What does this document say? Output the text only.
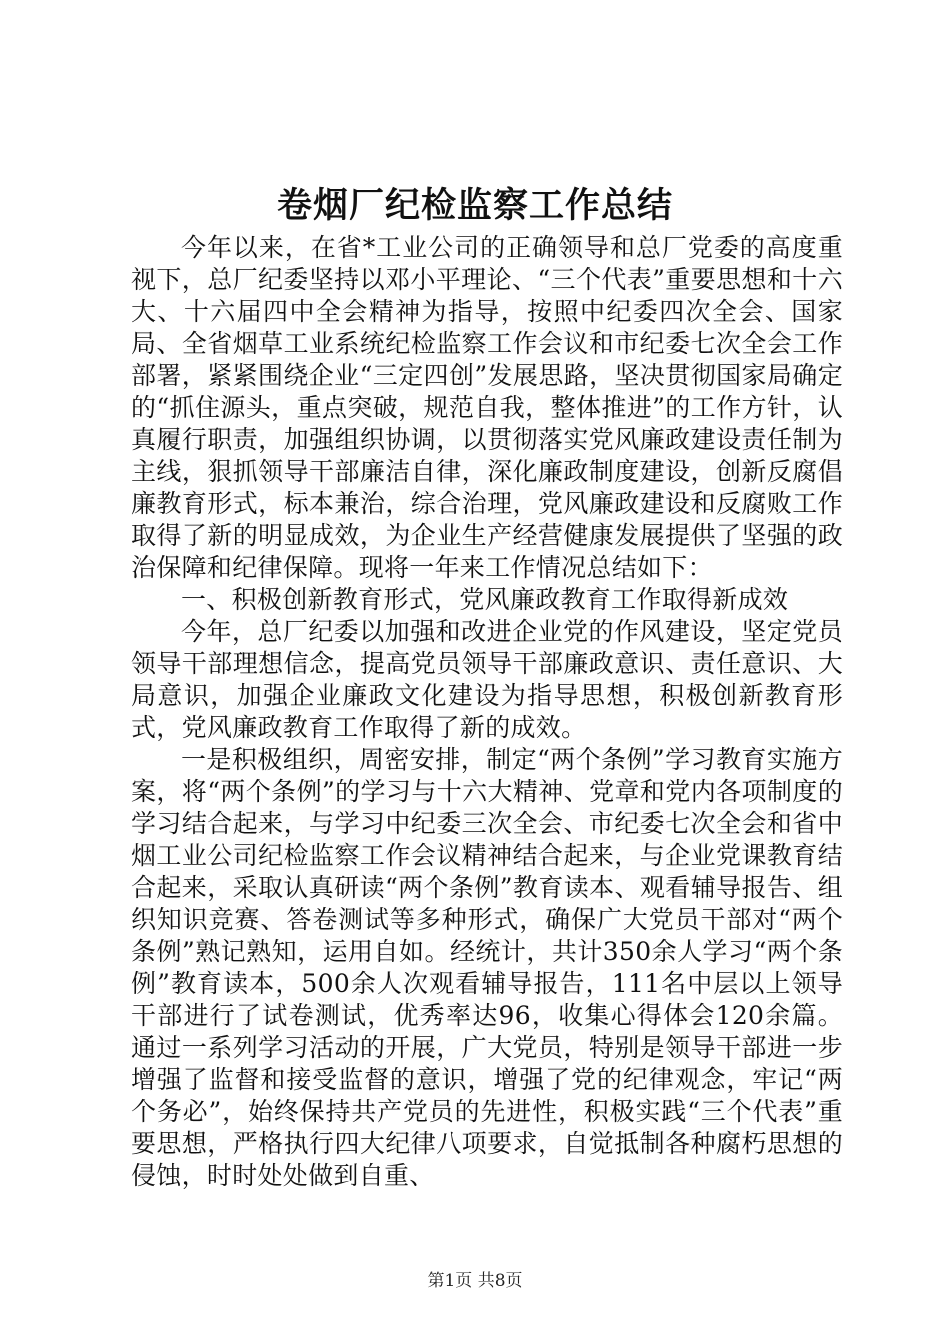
卷烟厂纪检监察工作总结

今年以来，在省*工业公司的正确领导和总厂党委的高度重视下，总厂纪委坚持以邓小平理论、“三个代表”重要思想和十六大、十六届四中全会精神为指导，按照中纪委四次全会、国家局、全省烟草工业系统纪检监察工作会议和市纪委七次全会工作部署，紧紧围绕企业“三定四创”发展思路，坚决贯彻国家局确定的“抓住源头，重点突破，规范自我，整体推进”的工作方针，认真履行职责，加强组织协调，以贯彻落实党风廉政建设责任制为主线，狠抓领导干部廉洁自律，深化廉政制度建设，创新反腐倡廉教育形式，标本兼治，综合治理，党风廉政建设和反腐败工作取得了新的明显成效，为企业生产经营健康发展提供了坚强的政治保障和纪律保障。现将一年来工作情况总结如下：

一、积极创新教育形式，党风廉政教育工作取得新成效

今年，总厂纪委以加强和改进企业党的作风建设，坚定党员领导干部理想信念，提高党员领导干部廉政意识、责任意识、大局意识，加强企业廉政文化建设为指导思想，积极创新教育形式，党风廉政教育工作取得了新的成效。

一是积极组织，周密安排，制定“两个条例”学习教育实施方案，将“两个条例”的学习与十六大精神、党章和党内各项制度的学习结合起来，与学习中纪委三次全会、市纪委七次全会和省中烟工业公司纪检监察工作会议精神结合起来，与企业党课教育结合起来，采取认真研读“两个条例”教育读本、观看辅导报告、组织知识竞赛、答卷测试等多种形式，确保广大党员干部对“两个条例”熟记熟知，运用自如。经统计，共计350余人学习“两个条例”教育读本，500余人次观看辅导报告，111名中层以上领导干部进行了试卷测试，优秀率达96，收集心得体会120余篇。通过一系列学习活动的开展，广大党员，特别是领导干部进一步增强了监督和接受监督的意识，增强了党的纪律观念，牢记“两个务必”，始终保持共产党员的先进性，积极实践“三个代表”重要思想，严格执行四大纪律八项要求，自觉抵制各种腐朽思想的侵蚀，时时处处做到自重、

第1页 共8页
